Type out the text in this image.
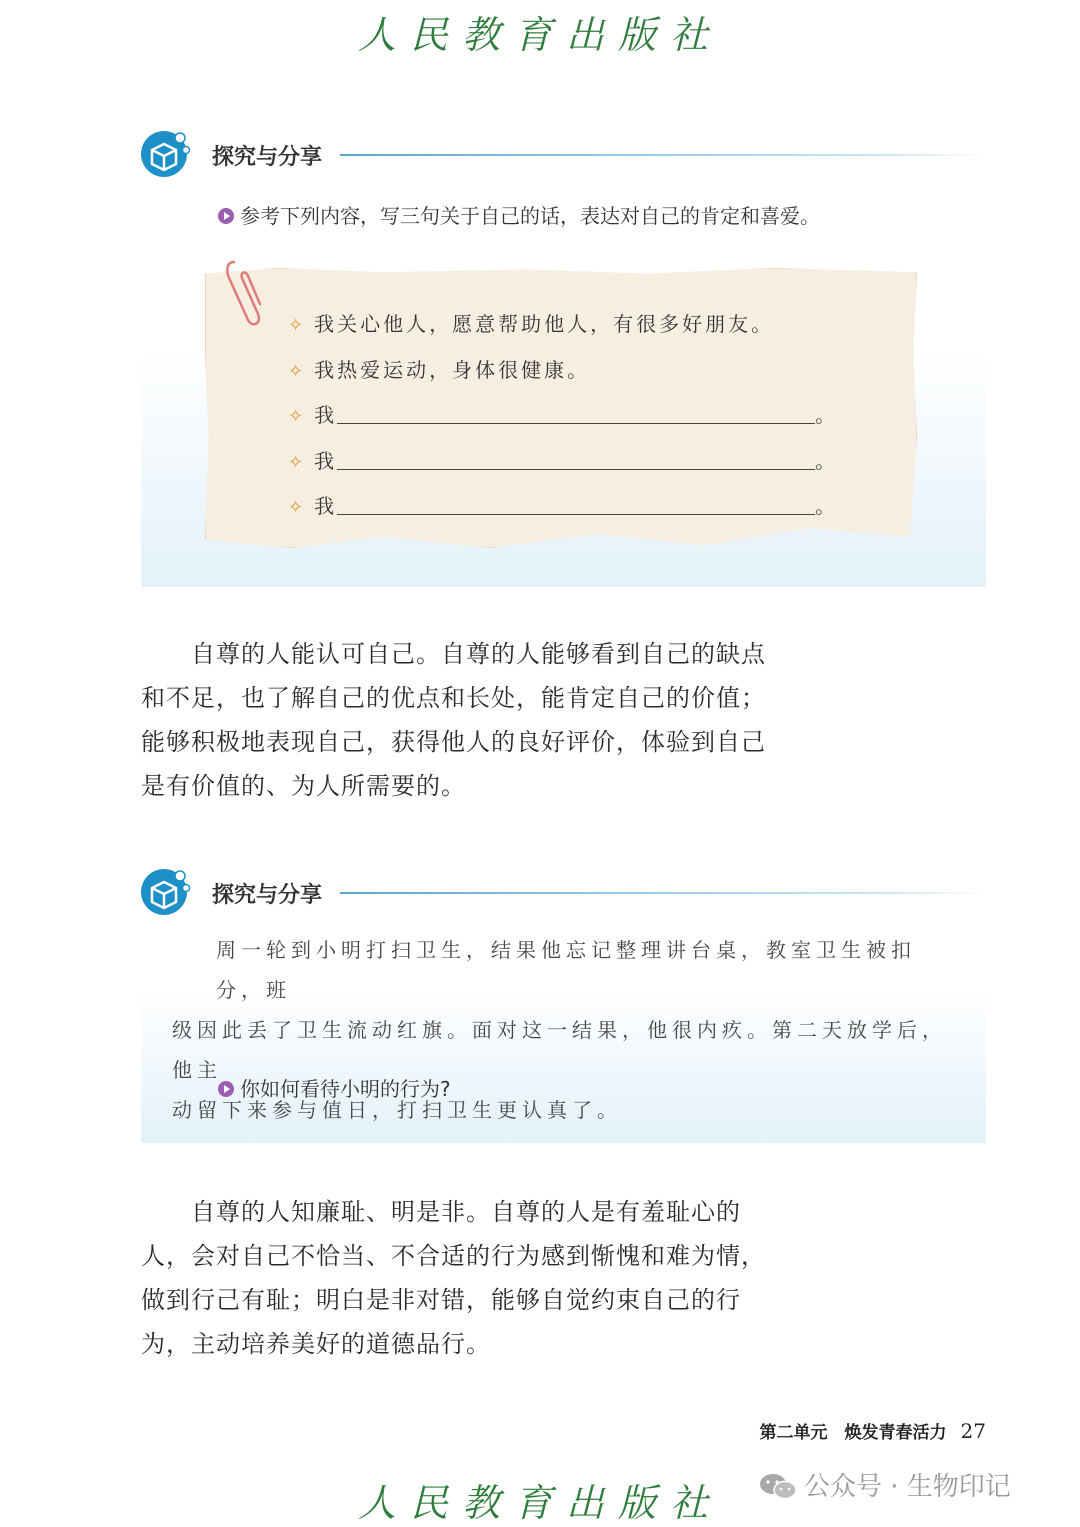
人民教育出版社
探究与分享
参考下列内容，写三句关于自己的话，表达对自己的肯定和喜爱。
✧ 我关心他人，愿意帮助他人，有很多好朋友。
✧ 我热爱运动，身体很健康。
✧ 我	。
✧ 我	。
✧ 我	。
自尊的人能认可自己。自尊的人能够看到自己的缺点
和不足，也了解自己的优点和长处，能肯定自己的价值；
能够积极地表现自己，获得他人的良好评价，体验到自己
是有价值的、为人所需要的。
探究与分享
周一轮到小明打扫卫生，结果他忘记整理讲台桌，教室卫生被扣分，班
级因此丢了卫生流动红旗。面对这一结果，他很内疚。第二天放学后，他主
动留下来参与值日，打扫卫生更认真了。
你如何看待小明的行为?
自尊的人知廉耻、明是非。自尊的人是有羞耻心的
人，会对自己不恰当、不合适的行为感到惭愧和难为情，
做到行己有耻；明白是非对错，能够自觉约束自己的行
为，主动培养美好的道德品行。
第二单元　焕发青春活力 27
人民教育出版社	公众号 · 生物印记
